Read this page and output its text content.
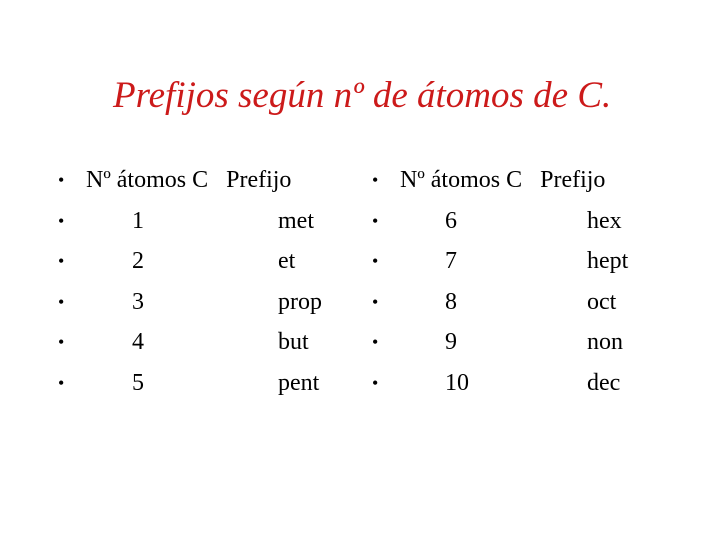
Prefijos según nº de átomos de C.
• Nº átomos C   Prefijo
•	1	met
•	2	et
•	3	prop
•	4	but
•	5	pent
• Nº átomos C   Prefijo
•	6	hex
•	7	hept
•	8	oct
•	9	non
•	10	dec
